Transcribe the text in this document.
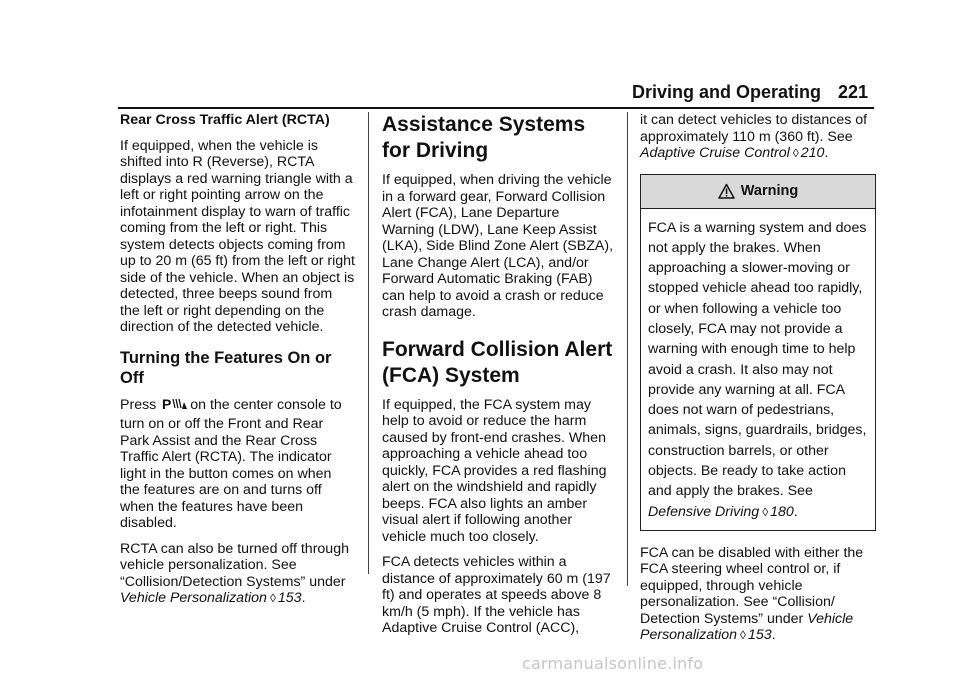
Driving and Operating 221
Rear Cross Traffic Alert (RCTA)

If equipped, when the vehicle is shifted into R (Reverse), RCTA displays a red warning triangle with a left or right pointing arrow on the infotainment display to warn of traffic coming from the left or right. This system detects objects coming from up to 20 m (65 ft) from the left or right side of the vehicle. When an object is detected, three beeps sound from the left or right depending on the direction of the detected vehicle.

Turning the Features On or Off

Press P on the center console to turn on or off the Front and Rear Park Assist and the Rear Cross Traffic Alert (RCTA). The indicator light in the button comes on when the features are on and turns off when the features have been disabled.

RCTA can also be turned off through vehicle personalization. See “Collision/Detection Systems” under Vehicle Personalization ◊ 153.

Assistance Systems for Driving

If equipped, when driving the vehicle in a forward gear, Forward Collision Alert (FCA), Lane Departure Warning (LDW), Lane Keep Assist (LKA), Side Blind Zone Alert (SBZA), Lane Change Alert (LCA), and/or Forward Automatic Braking (FAB) can help to avoid a crash or reduce crash damage.

Forward Collision Alert (FCA) System

If equipped, the FCA system may help to avoid or reduce the harm caused by front-end crashes. When approaching a vehicle ahead too quickly, FCA provides a red flashing alert on the windshield and rapidly beeps. FCA also lights an amber visual alert if following another vehicle much too closely.

FCA detects vehicles within a distance of approximately 60 m (197 ft) and operates at speeds above 8 km/h (5 mph). If the vehicle has Adaptive Cruise Control (ACC),

it can detect vehicles to distances of approximately 110 m (360 ft). See Adaptive Cruise Control ◊ 210.

Warning

FCA is a warning system and does not apply the brakes. When approaching a slower-moving or stopped vehicle ahead too rapidly, or when following a vehicle too closely, FCA may not provide a warning with enough time to help avoid a crash. It also may not provide any warning at all. FCA does not warn of pedestrians, animals, signs, guardrails, bridges, construction barrels, or other objects. Be ready to take action and apply the brakes. See Defensive Driving ◊ 180.

FCA can be disabled with either the FCA steering wheel control or, if equipped, through vehicle personalization. See “Collision/ Detection Systems” under Vehicle Personalization ◊ 153.

carmanualsonline.info
